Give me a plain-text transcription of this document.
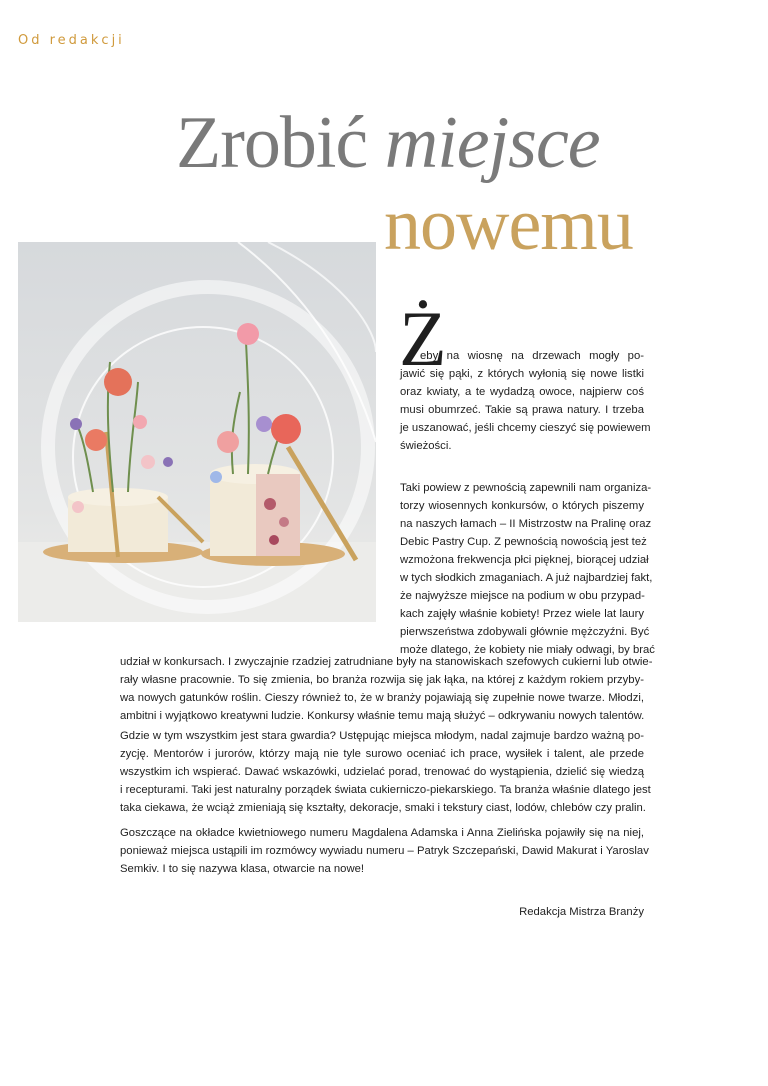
Od redakcji
Zrobić miejsce
nowemu
Ż
eby na wiosnę na drzewach mogły po-
jawić się pąki, z których wyłonią się nowe listki
oraz kwiaty, a te wydadzą owoce, najpierw coś
musi obumrzeć. Takie są prawa natury. I trzeba
je uszanować, jeśli chcemy cieszyć się powiewem
świeżości.
Taki powiew z pewnością zapewnili nam organiza-
torzy wiosennych konkursów, o których piszemy
na naszych łamach – II Mistrzostw na Pralinę oraz
Debic Pastry Cup. Z pewnością nowością jest też
wzmożona frekwencja płci pięknej, biorącej udział
w tych słodkich zmaganiach. A już najbardziej fakt,
że najwyższe miejsce na podium w obu przypad-
kach zajęły właśnie kobiety! Przez wiele lat laury
pierwszeństwa zdobywali głównie mężczyźni. Być
może dlatego, że kobiety nie miały odwagi, by brać
udział w konkursach. I zwyczajnie rzadziej zatrudniane były na stanowiskach szefowych cukierni lub otwie-
rały własne pracownie. To się zmienia, bo branża rozwija się jak łąka, na której z każdym rokiem przyby-
wa nowych gatunków roślin. Cieszy również to, że w branży pojawiają się zupełnie nowe twarze. Młodzi,
ambitni i wyjątkowo kreatywni ludzie. Konkursy właśnie temu mają służyć – odkrywaniu nowych talentów.
Gdzie w tym wszystkim jest stara gwardia? Ustępując miejsca młodym, nadal zajmuje bardzo ważną po-
zycję. Mentorów i jurorów, którzy mają nie tyle surowo oceniać ich prace, wysiłek i talent, ale przede
wszystkim ich wspierać. Dawać wskazówki, udzielać porad, trenować do wystąpienia, dzielić się wiedzą
i recepturami. Taki jest naturalny porządek świata cukierniczo-piekarskiego. Ta branża właśnie dlatego jest
taka ciekawa, że wciąż zmieniają się kształty, dekoracje, smaki i tekstury ciast, lodów, chlebów czy pralin.
Goszczące na okładce kwietniowego numeru Magdalena Adamska i Anna Zielińska pojawiły się na niej,
ponieważ miejsca ustąpili im rozmówcy wywiadu numeru – Patryk Szczepański, Dawid Makurat i Yaroslav
Semkiv. I to się nazywa klasa, otwarcie na nowe!
Redakcja Mistrza Branży
